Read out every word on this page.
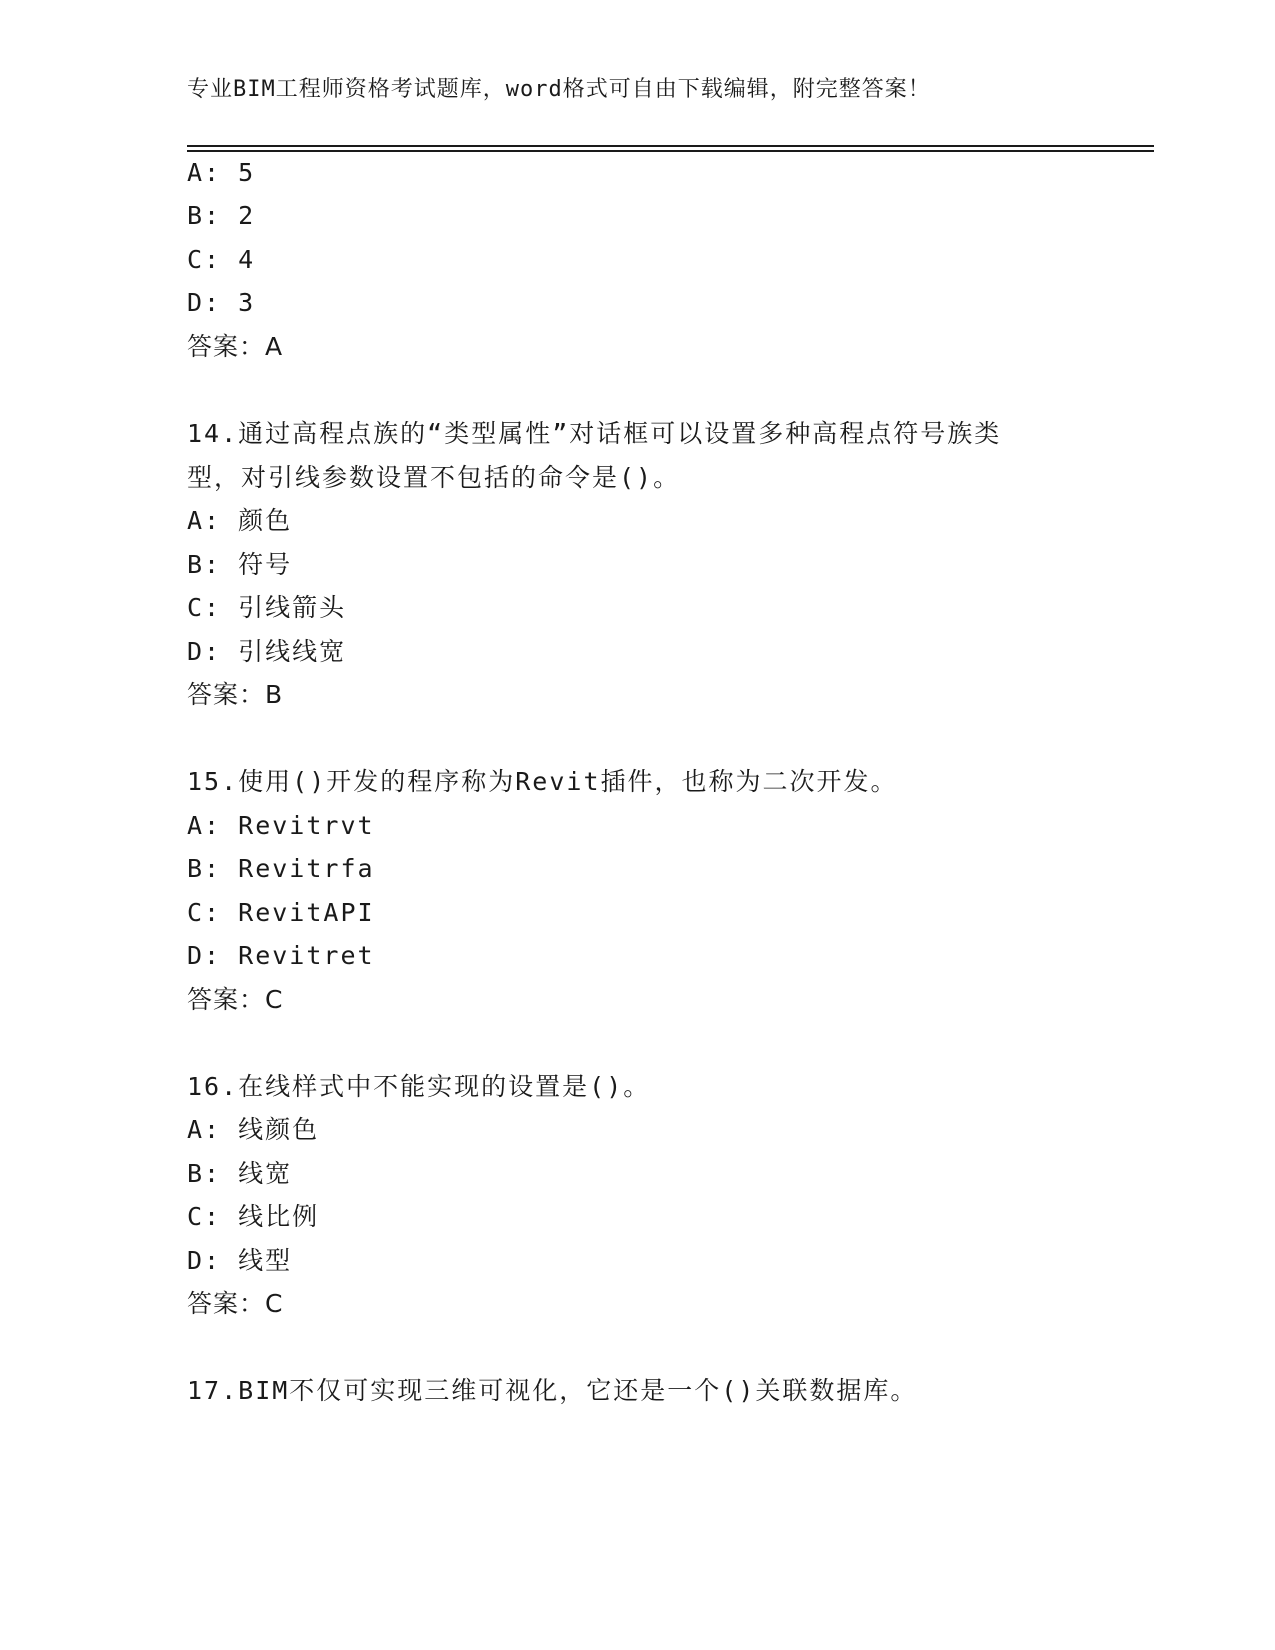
专业BIM工程师资格考试题库，word格式可自由下载编辑，附完整答案！
A: 5
B: 2
C: 4
D: 3
答案：A
14.通过高程点族的“类型属性”对话框可以设置多种高程点符号族类
型，对引线参数设置不包括的命令是()。
A: 颜色
B: 符号
C: 引线箭头
D: 引线线宽
答案：B
15.使用()开发的程序称为Revit插件，也称为二次开发。
A: Revitrvt
B: Revitrfa
C: RevitAPI
D: Revitret
答案：C
16.在线样式中不能实现的设置是()。
A: 线颜色
B: 线宽
C: 线比例
D: 线型
答案：C
17.BIM不仅可实现三维可视化，它还是一个()关联数据库。
